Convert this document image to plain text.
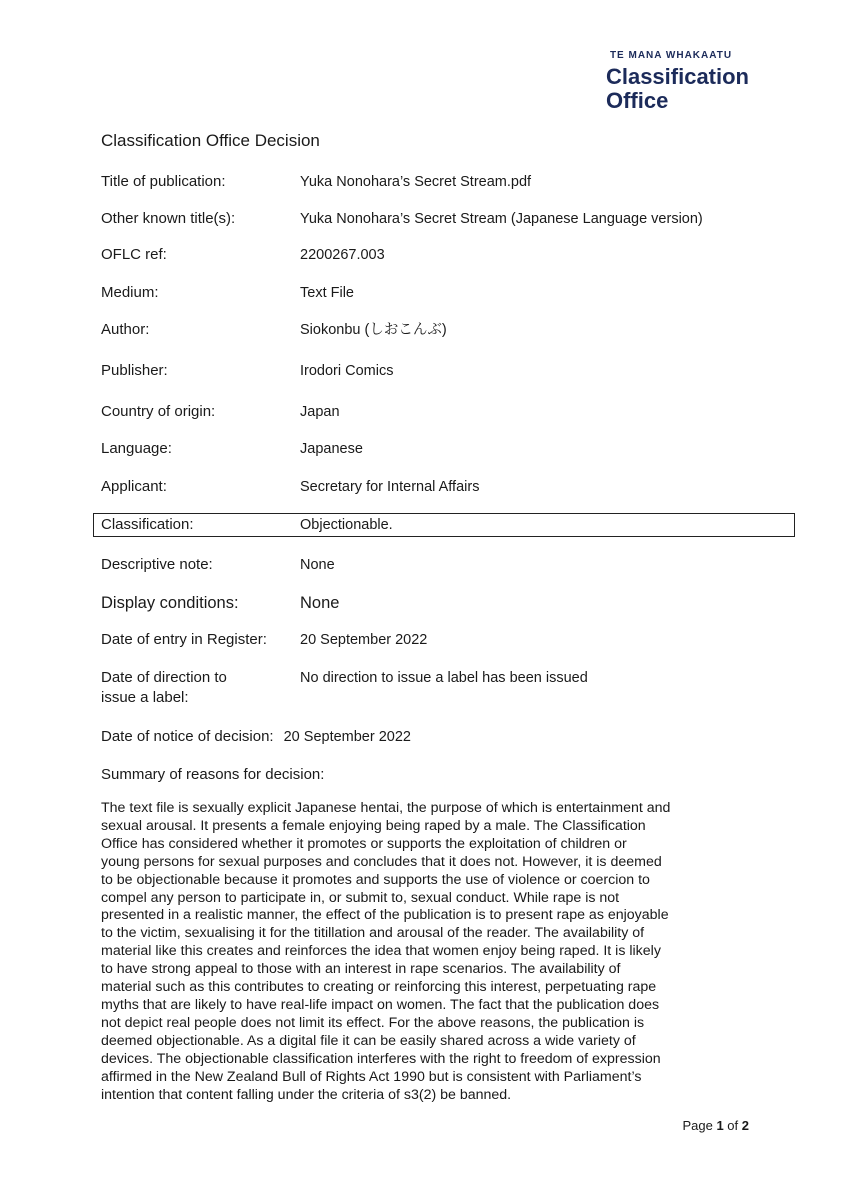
TE MANA WHAKAATU
Classification
Office
Classification Office Decision
Title of publication:	Yuka Nonohara’s Secret Stream.pdf
Other known title(s):	Yuka Nonohara’s Secret Stream (Japanese Language version)
OFLC ref:	2200267.003
Medium:	Text File
Author:	Siokonbu (しおこんぶ)
Publisher:	Irodori Comics
Country of origin:	Japan
Language:	Japanese
Applicant:	Secretary for Internal Affairs
Classification:	Objectionable.
Descriptive note:	None
Display conditions:	None
Date of entry in Register:	20 September 2022
Date of direction to
issue a label:
No direction to issue a label has been issued
Date of notice of decision: 20 September 2022
Summary of reasons for decision:
The text file is sexually explicit Japanese hentai, the purpose of which is entertainment and
sexual arousal. It presents a female enjoying being raped by a male. The Classification
Office has considered whether it promotes or supports the exploitation of children or
young persons for sexual purposes and concludes that it does not. However, it is deemed
to be objectionable because it promotes and supports the use of violence or coercion to
compel any person to participate in, or submit to, sexual conduct. While rape is not
presented in a realistic manner, the effect of the publication is to present rape as enjoyable
to the victim, sexualising it for the titillation and arousal of the reader. The availability of
material like this creates and reinforces the idea that women enjoy being raped. It is likely
to have strong appeal to those with an interest in rape scenarios. The availability of
material such as this contributes to creating or reinforcing this interest, perpetuating rape
myths that are likely to have real-life impact on women. The fact that the publication does
not depict real people does not limit its effect. For the above reasons, the publication is
deemed objectionable. As a digital file it can be easily shared across a wide variety of
devices. The objectionable classification interferes with the right to freedom of expression
affirmed in the New Zealand Bull of Rights Act 1990 but is consistent with Parliament’s
intention that content falling under the criteria of s3(2) be banned.
Page 1 of 2
